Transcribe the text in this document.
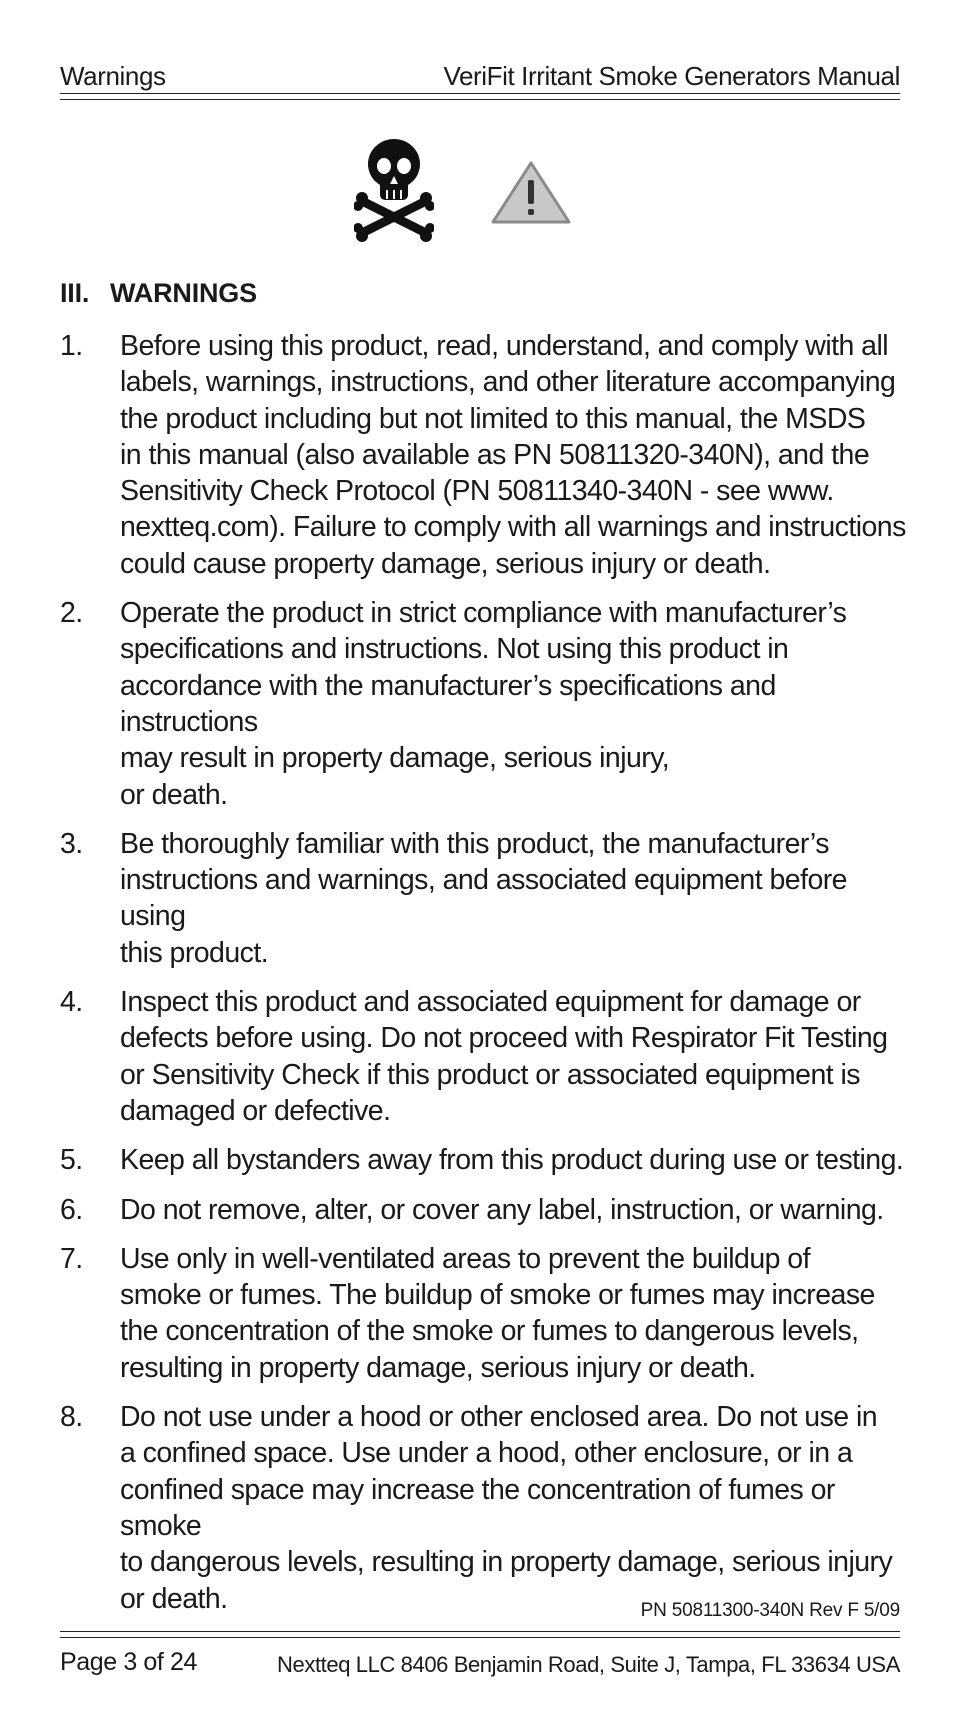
Warnings	VeriFit Irritant Smoke Generators Manual
III. WARNINGS
1.	Before using this product, read, understand, and comply with all
labels, warnings, instructions, and other literature accompanying
the product including but not limited to this manual, the MSDS
in this manual (also available as PN 50811320-340N), and the
Sensitivity Check Protocol (PN 50811340-340N - see www.
nextteq.com). Failure to comply with all warnings and instructions
could cause property damage, serious injury or death.
2.	Operate the product in strict compliance with manufacturer’s
specifications and instructions. Not using this product in
accordance with the manufacturer’s specifications and instructions
may result in property damage, serious injury,
or death.
3.	Be thoroughly familiar with this product, the manufacturer’s
instructions and warnings, and associated equipment before using
this product.
4.	Inspect this product and associated equipment for damage or
defects before using. Do not proceed with Respirator Fit Testing
or Sensitivity Check if this product or associated equipment is
damaged or defective.
5.	Keep all bystanders away from this product during use or testing.
6.	Do not remove, alter, or cover any label, instruction, or warning.
7.	Use only in well-ventilated areas to prevent the buildup of
smoke or fumes. The buildup of smoke or fumes may increase
the concentration of the smoke or fumes to dangerous levels,
resulting in property damage, serious injury or death.
8.	Do not use under a hood or other enclosed area. Do not use in
a confined space. Use under a hood, other enclosure, or in a
confined space may increase the concentration of fumes or smoke
to dangerous levels, resulting in property damage, serious injury
or death.	PN 50811300-340N Rev F 5/09
Page 3 of 24	Nextteq LLC 8406 Benjamin Road, Suite J, Tampa, FL 33634 USA
